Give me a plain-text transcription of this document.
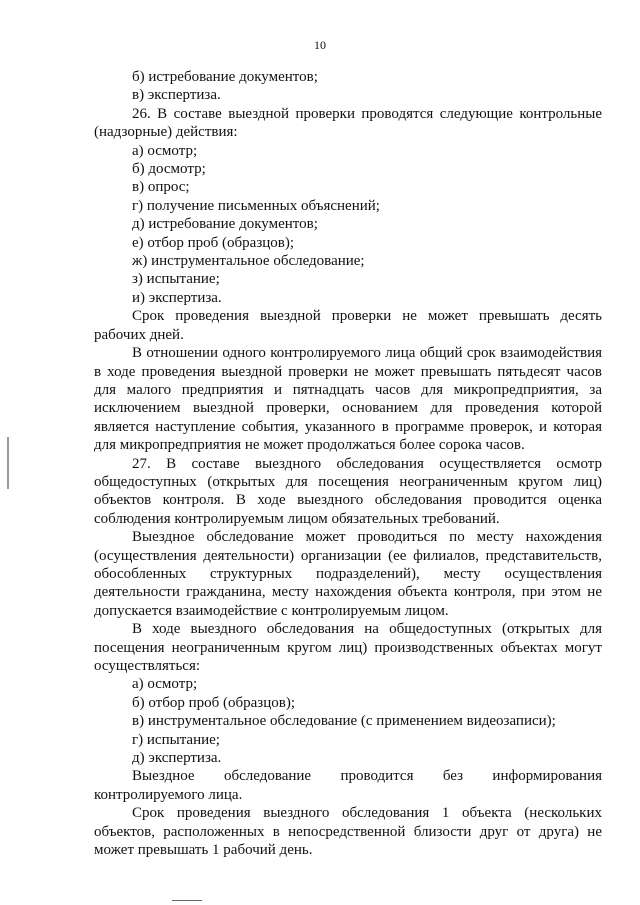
10

б) истребование документов;

в) экспертиза.

26. В составе выездной проверки проводятся следующие контрольные (надзорные) действия:

а) осмотр;

б) досмотр;

в) опрос;

г) получение письменных объяснений;

д) истребование документов;

е) отбор проб (образцов);

ж) инструментальное обследование;

з) испытание;

и) экспертиза.

Срок проведения выездной проверки не может превышать десять рабочих дней.

В отношении одного контролируемого лица общий срок взаимодействия в ходе проведения выездной проверки не может превышать пятьдесят часов для малого предприятия и пятнадцать часов для микропредприятия, за исключением выездной проверки, основанием для проведения которой является наступление события, указанного в программе проверок, и которая для микропредприятия не может продолжаться более сорока часов.

27. В составе выездного обследования осуществляется осмотр общедоступных (открытых для посещения неограниченным кругом лиц) объектов контроля. В ходе выездного обследования проводится оценка соблюдения контролируемым лицом обязательных требований.

Выездное обследование может проводиться по месту нахождения (осуществления деятельности) организации (ее филиалов, представительств, обособленных структурных подразделений), месту осуществления деятельности гражданина, месту нахождения объекта контроля, при этом не допускается взаимодействие с контролируемым лицом.

В ходе выездного обследования на общедоступных (открытых для посещения неограниченным кругом лиц) производственных объектах могут осуществляться:

а) осмотр;

б) отбор проб (образцов);

в) инструментальное обследование (с применением видеозаписи);

г) испытание;

д) экспертиза.

Выездное обследование проводится без информирования контролируемого лица.

Срок проведения выездного обследования 1 объекта (нескольких объектов, расположенных в непосредственной близости друг от друга) не может превышать 1 рабочий день.
